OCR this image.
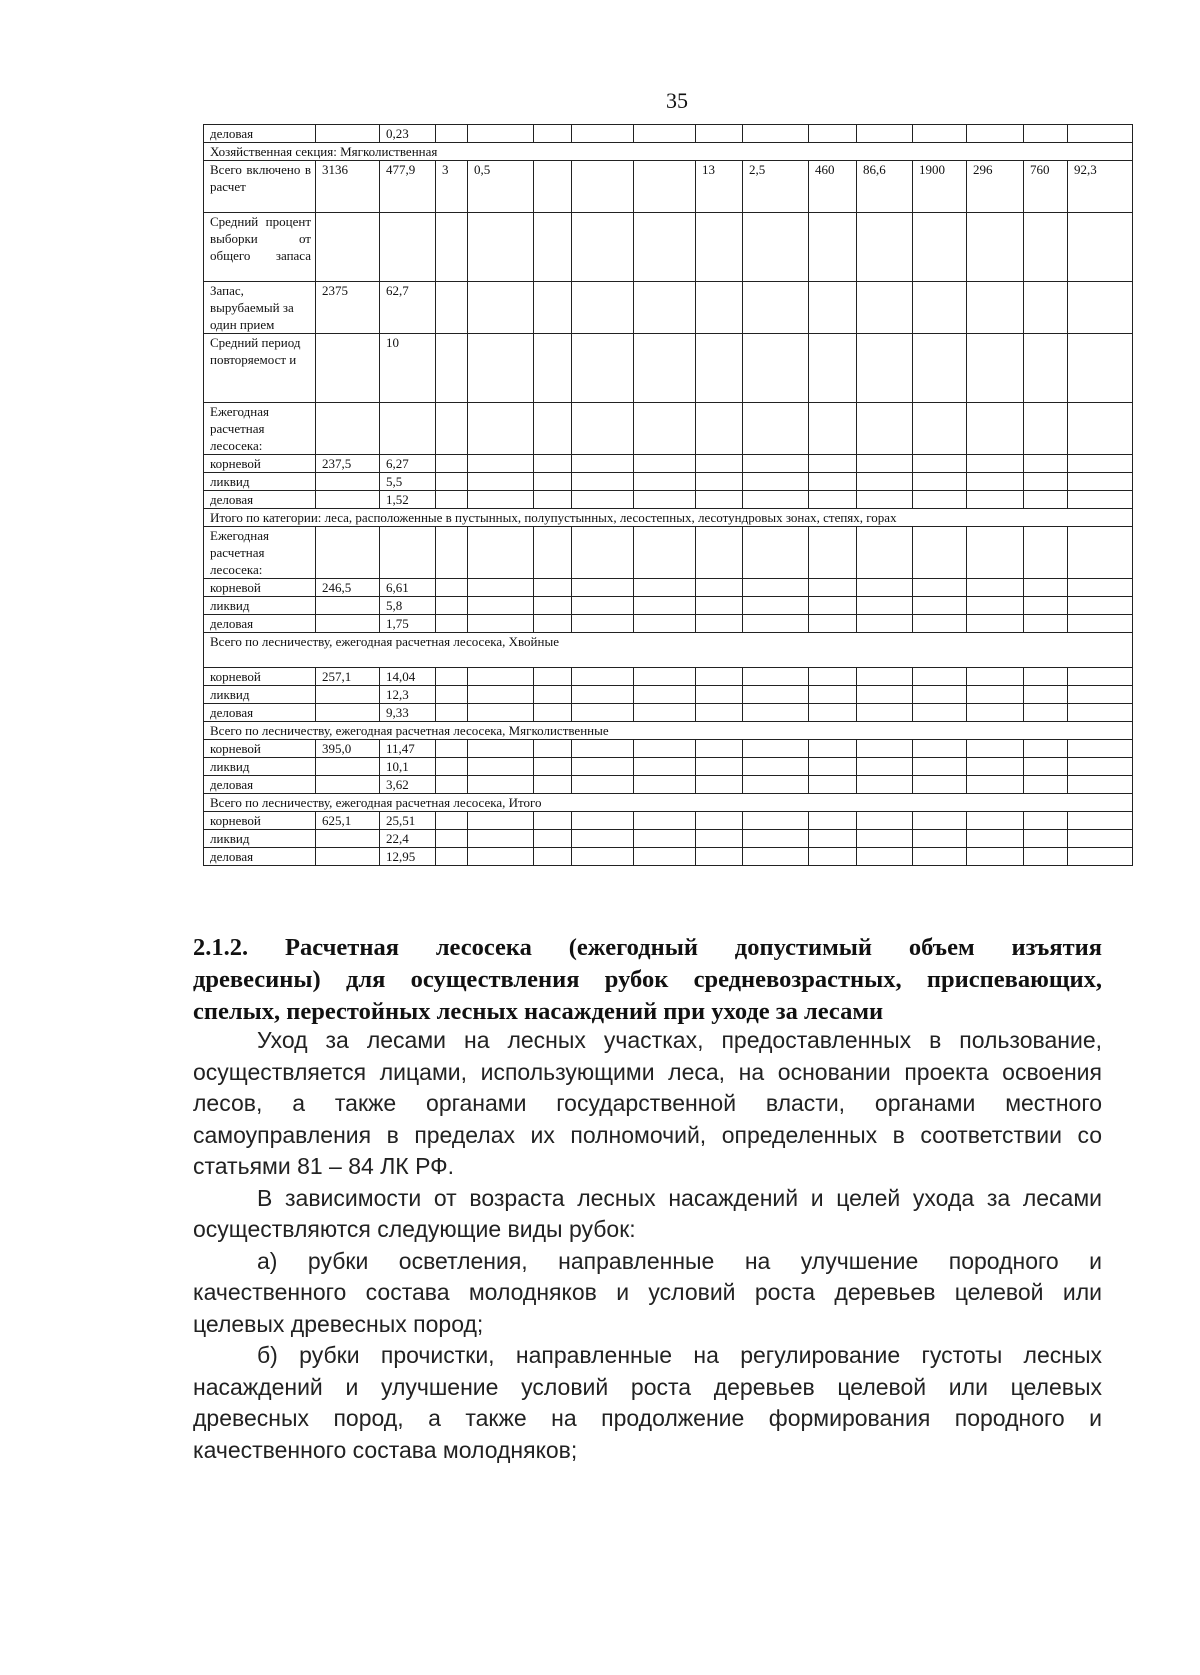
35
деловая		0,23													
Хозяйственная секция: Мягколиственная															
Всего включено в расчет	3136	477,9	3	0,5				13	2,5	460	86,6	1900	296	760	92,3
Средний процент выборки от общего запаса															
Запас, вырубаемый за один прием	2375	62,7													
Средний период повторяемост и		10													
Ежегодная расчетная лесосека:															
корневой	237,5	6,27													
ликвид		5,5													
деловая		1,52													
Итого по категории: леса, расположенные в пустынных, полупустынных, лесостепных, лесотундровых зонах, степях, горах															
Ежегодная расчетная лесосека:															
корневой	246,5	6,61													
ликвид		5,8													
деловая		1,75													
Всего по лесничеству, ежегодная расчетная лесосека, Хвойные															
корневой	257,1	14,04													
ликвид		12,3													
деловая		9,33													
Всего по лесничеству, ежегодная расчетная лесосека, Мягколиственные															
корневой	395,0	11,47													
ликвид		10,1													
деловая		3,62													
Всего по лесничеству, ежегодная расчетная лесосека, Итого															
корневой	625,1	25,51													
ликвид		22,4													
деловая		12,95													
2.1.2. Расчетная лесосека (ежегодный допустимый объем изъятия
древесины) для осуществления рубок средневозрастных, приспевающих,
спелых, перестойных лесных насаждений при уходе за лесами

Уход за лесами на лесных участках, предоставленных в пользование,
осуществляется лицами, использующими леса, на основании проекта освоения
лесов, а также органами государственной власти, органами местного
самоуправления в пределах их полномочий, определенных в соответствии со
статьями 81 – 84 ЛК РФ.

В зависимости от возраста лесных насаждений и целей ухода за лесами
осуществляются следующие виды рубок:

а) рубки осветления, направленные на улучшение породного и
качественного состава молодняков и условий роста деревьев целевой или
целевых древесных пород;

б) рубки прочистки, направленные на регулирование густоты лесных
насаждений и улучшение условий роста деревьев целевой или целевых
древесных пород, а также на продолжение формирования породного и
качественного состава молодняков;
